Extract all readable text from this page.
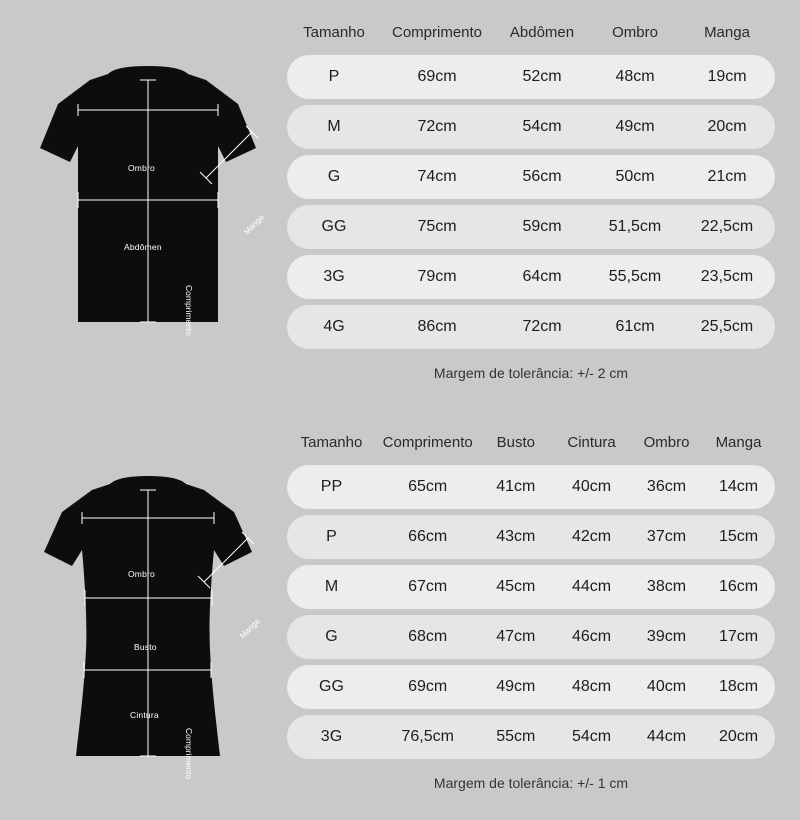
Ombro
Abdômen
Comprimento
Manga
Tamanho	Comprimento	Abdômen	Ombro	Manga
P	69cm	52cm	48cm	19cm
M	72cm	54cm	49cm	20cm
G	74cm	56cm	50cm	21cm
GG	75cm	59cm	51,5cm	22,5cm
3G	79cm	64cm	55,5cm	23,5cm
4G	86cm	72cm	61cm	25,5cm
Margem de tolerância: +/- 2 cm
Ombro
Busto
Cintura
Comprimento
Manga
Tamanho	Comprimento	Busto	Cintura	Ombro	Manga
PP	65cm	41cm	40cm	36cm	14cm
P	66cm	43cm	42cm	37cm	15cm
M	67cm	45cm	44cm	38cm	16cm
G	68cm	47cm	46cm	39cm	17cm
GG	69cm	49cm	48cm	40cm	18cm
3G	76,5cm	55cm	54cm	44cm	20cm
Margem de tolerância: +/- 1 cm
